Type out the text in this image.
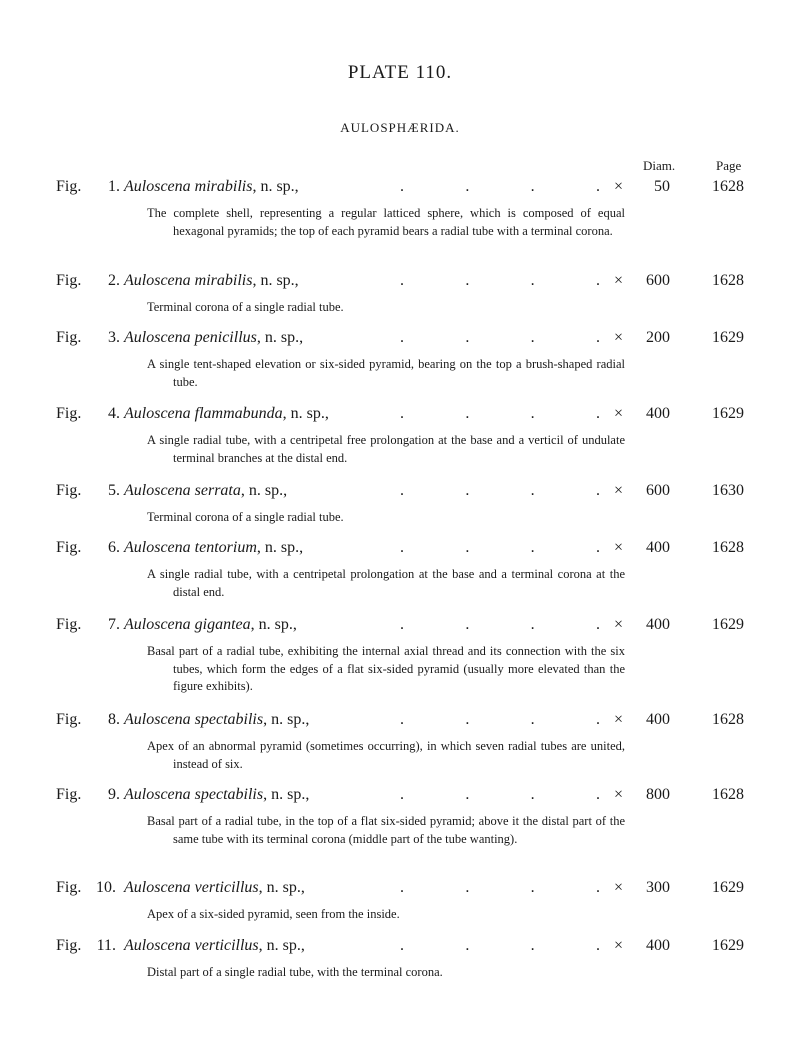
PLATE 110.
AULOSPHÆRIDA.
Diam.	Page
Fig.	1. Auloscena mirabilis, n. sp.,	.	.	.	. ×	50	1628
The complete shell, representing a regular latticed sphere, which is composed of equal hexagonal pyramids; the top of each pyramid bears a radial tube with a terminal corona.
Fig.	2. Auloscena mirabilis, n. sp.,	.	.	.	. ×	600	1628
Terminal corona of a single radial tube.
Fig.	3. Auloscena penicillus, n. sp.,	.	.	.	. ×	200	1629
A single tent-shaped elevation or six-sided pyramid, bearing on the top a brush-shaped radial tube.
Fig.	4. Auloscena flammabunda, n. sp.,	.	.	.	. ×	400	1629
A single radial tube, with a centripetal free prolongation at the base and a verticil of undulate terminal branches at the distal end.
Fig.	5. Auloscena serrata, n. sp.,	.	.	.	. ×	600	1630
Terminal corona of a single radial tube.
Fig.	6. Auloscena tentorium, n. sp.,	.	.	.	. ×	400	1628
A single radial tube, with a centripetal prolongation at the base and a terminal corona at the distal end.
Fig.	7. Auloscena gigantea, n. sp.,	.	.	.	. ×	400	1629
Basal part of a radial tube, exhibiting the internal axial thread and its connection with the six tubes, which form the edges of a flat six-sided pyramid (usually more elevated than the figure exhibits).
Fig.	8. Auloscena spectabilis, n. sp.,	.	.	.	. ×	400	1628
Apex of an abnormal pyramid (sometimes occurring), in which seven radial tubes are united, instead of six.
Fig.	9. Auloscena spectabilis, n. sp.,	.	.	.	. ×	800	1628
Basal part of a radial tube, in the top of a flat six-sided pyramid; above it the distal part of the same tube with its terminal corona (middle part of the tube wanting).
Fig. 10. Auloscena verticillus, n. sp.,	.	.	.	. ×	300	1629
Apex of a six-sided pyramid, seen from the inside.
Fig. 11. Auloscena verticillus, n. sp.,	.	.	.	. ×	400	1629
Distal part of a single radial tube, with the terminal corona.
